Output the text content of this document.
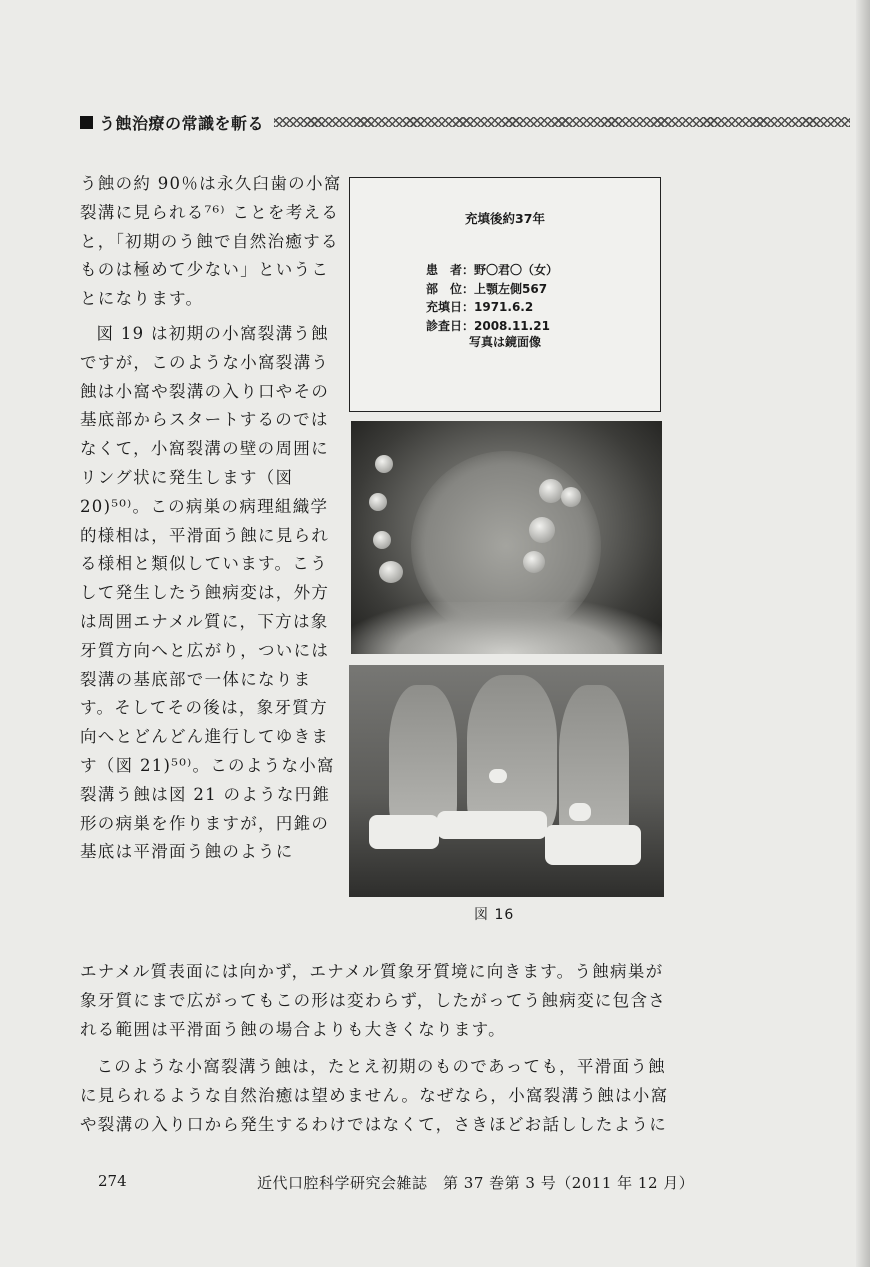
う蝕治療の常識を斬る

う蝕の約 90％は永久臼歯の小窩裂溝に見られる⁷⁶⁾ ことを考えると，「初期のう蝕で自然治癒するものは極めて少ない」ということになります。

図 19 は初期の小窩裂溝う蝕ですが，このような小窩裂溝う蝕は小窩や裂溝の入り口やその基底部からスタートするのではなくて，小窩裂溝の壁の周囲にリング状に発生します（図20)⁵⁰⁾。この病巣の病理組織学的様相は，平滑面う蝕に見られる様相と類似しています。こうして発生したう蝕病変は，外方は周囲エナメル質に，下方は象牙質方向へと広がり，ついには裂溝の基底部で一体になります。そしてその後は，象牙質方向へとどんどん進行してゆきます（図 21)⁵⁰⁾。このような小窩裂溝う蝕は図 21 のような円錐形の病巣を作りますが，円錐の基底は平滑面う蝕のように

充填後約37年
患　者：野〇君〇（女）
部　位：上顎左側567
充填日：1971.6.2
診査日：2008.11.21
写真は鏡面像
図 16

エナメル質表面には向かず，エナメル質象牙質境に向きます。う蝕病巣が象牙質にまで広がってもこの形は変わらず，したがってう蝕病変に包含される範囲は平滑面う蝕の場合よりも大きくなります。

このような小窩裂溝う蝕は，たとえ初期のものであっても，平滑面う蝕に見られるような自然治癒は望めません。なぜなら，小窩裂溝う蝕は小窩や裂溝の入り口から発生するわけではなくて，さきほどお話ししたように

274	近代口腔科学研究会雑誌　第 37 巻第 3 号（2011 年 12 月）
